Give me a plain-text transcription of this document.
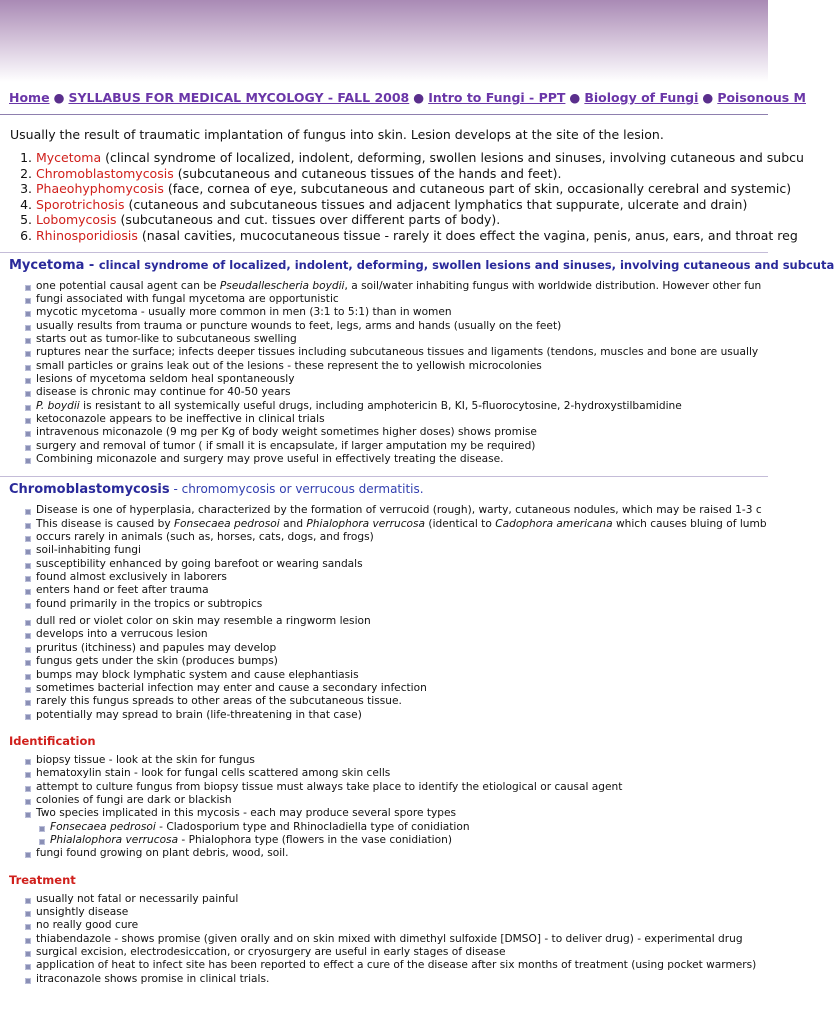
Home ● SYLLABUS FOR MEDICAL MYCOLOGY - FALL 2008 ● Intro to Fungi - PPT ● Biology of Fungi ● Poisonous M
Usually the result of traumatic implantation of fungus into skin. Lesion develops at the site of the lesion.
1. Mycetoma (clincal syndrome of localized, indolent, deforming, swollen lesions and sinuses, involving cutaneous and subcu
2. Chromoblastomycosis (subcutaneous and cutaneous tissues of the hands and feet).
3. Phaeohyphomycosis (face, cornea of eye, subcutaneous and cutaneous part of skin, occasionally cerebral and systemic)
4. Sporotrichosis (cutaneous and subcutaneous tissues and adjacent lymphatics that suppurate, ulcerate and drain)
5. Lobomycosis (subcutaneous and cut. tissues over different parts of body).
6. Rhinosporidiosis (nasal cavities, mucocutaneous tissue - rarely it does effect the vagina, penis, anus, ears, and throat reg
Mycetoma - clincal syndrome of localized, indolent, deforming, swollen lesions and sinuses, involving cutaneous and subcuta
one potential causal agent can be Pseudallescheria boydii, a soil/water inhabiting fungus with worldwide distribution. However other fun
fungi associated with fungal mycetoma are opportunistic
mycotic mycetoma - usually more common in men (3:1 to 5:1) than in women
usually results from trauma or puncture wounds to feet, legs, arms and hands (usually on the feet)
starts out as tumor-like to subcutaneous swelling
ruptures near the surface; infects deeper tissues including subcutaneous tissues and ligaments (tendons, muscles and bone are usually
small particles or grains leak out of the lesions - these represent the to yellowish microcolonies
lesions of mycetoma seldom heal spontaneously
disease is chronic may continue for 40-50 years
P. boydii is resistant to all systemically useful drugs, including amphotericin B, KI, 5-fluorocytosine, 2-hydroxystilbamidine
ketoconazole appears to be ineffective in clinical trials
intravenous miconazole (9 mg per Kg of body weight sometimes higher doses) shows promise
surgery and removal of tumor ( if small it is encapsulate, if larger amputation my be required)
Combining miconazole and surgery may prove useful in effectively treating the disease.
Chromoblastomycosis - chromomycosis or verrucous dermatitis.
Disease is one of hyperplasia, characterized by the formation of verrucoid (rough), warty, cutaneous nodules, which may be raised 1-3 c
This disease is caused by Fonsecaea pedrosoi and Phialophora verrucosa (identical to Cadophora americana which causes bluing of lumb
occurs rarely in animals (such as, horses, cats, dogs, and frogs)
soil-inhabiting fungi
susceptibility enhanced by going barefoot or wearing sandals
found almost exclusively in laborers
enters hand or feet after trauma
found primarily in the tropics or subtropics
dull red or violet color on skin may resemble a ringworm lesion
develops into a verrucous lesion
pruritus (itchiness) and papules may develop
fungus gets under the skin (produces bumps)
bumps may block lymphatic system and cause elephantiasis
sometimes bacterial infection may enter and cause a secondary infection
rarely this fungus spreads to other areas of the subcutaneous tissue.
potentially may spread to brain (life-threatening in that case)
Identification
biopsy tissue - look at the skin for fungus
hematoxylin stain - look for fungal cells scattered among skin cells
attempt to culture fungus from biopsy tissue must always take place to identify the etiological or causal agent
colonies of fungi are dark or blackish
Two species implicated in this mycosis - each may produce several spore types
Fonsecaea pedrosoi - Cladosporium type and Rhinocladiella type of conidiation
Phialalophora verrucosa - Phialophora type (flowers in the vase conidiation)
fungi found growing on plant debris, wood, soil.
Treatment
usually not fatal or necessarily painful
unsightly disease
no really good cure
thiabendazole - shows promise (given orally and on skin mixed with dimethyl sulfoxide [DMSO] - to deliver drug) - experimental drug
surgical excision, electrodesiccation, or cryosurgery are useful in early stages of disease
application of heat to infect site has been reported to effect a cure of the disease after six months of treatment (using pocket warmers)
itraconazole shows promise in clinical trials.
